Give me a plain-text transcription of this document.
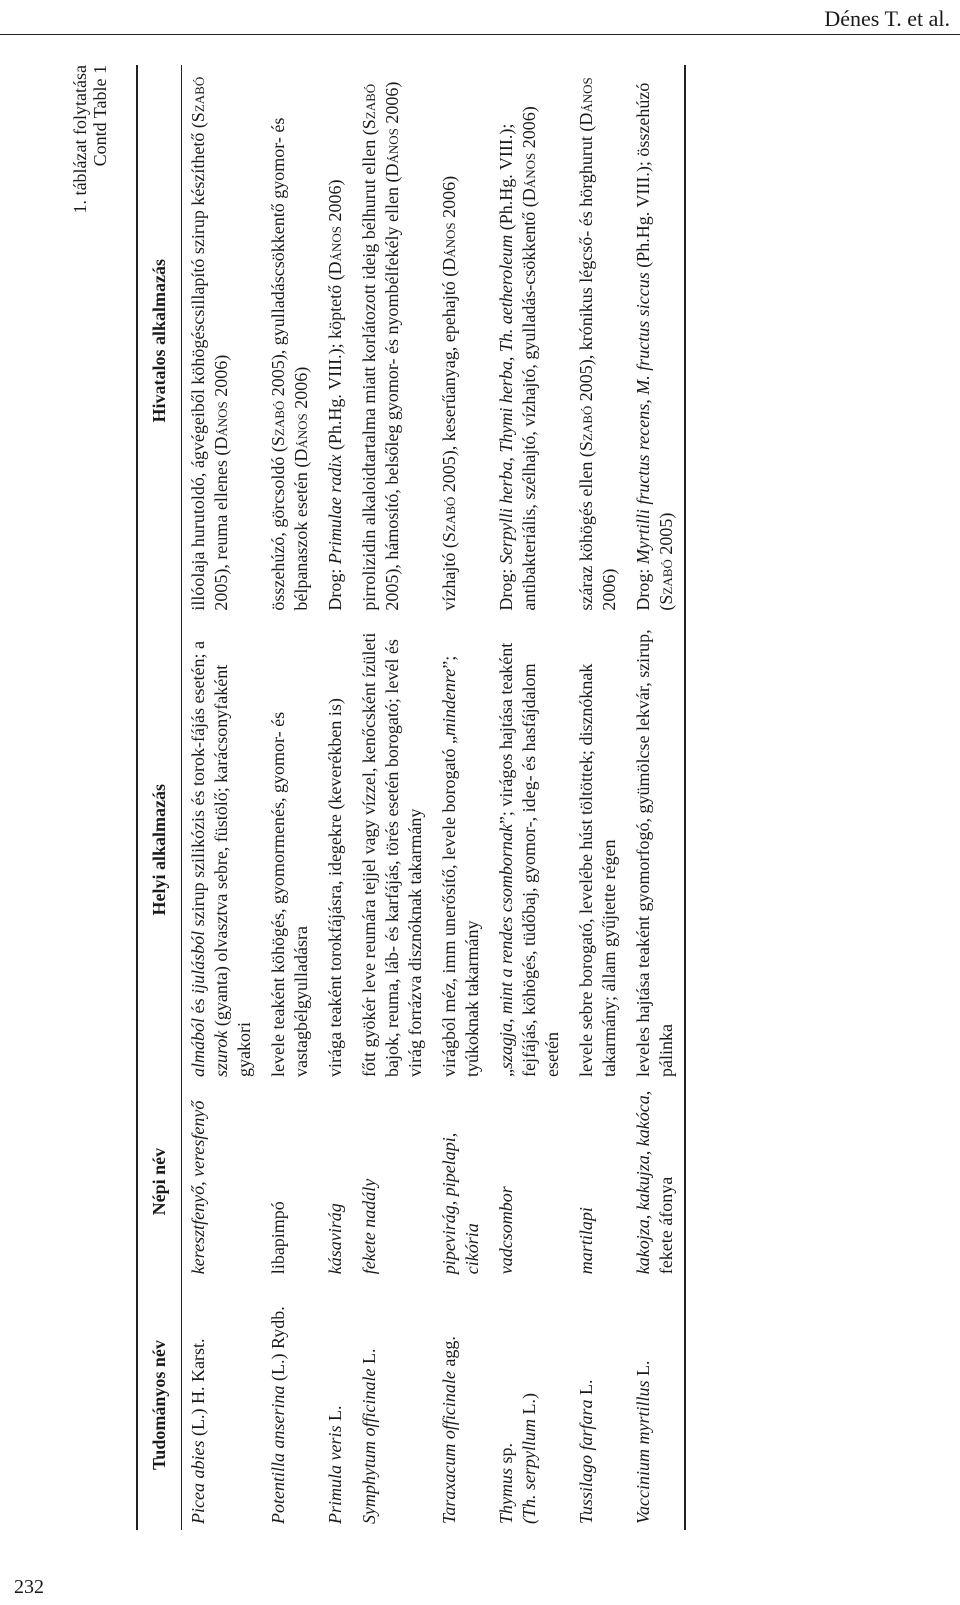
Dénes T. et al.
232
1. táblázat folytatása Contd Table 1
Tudományos név	Népi név	Helyi alkalmazás	Hivatalos alkalmazás
Picea abies (L.) H. Karst.	keresztfenyő, veresfenyő	almából és ijulásból szirup szilikózis és torok-fájás esetén; a szurok (gyanta) olvasztva sebre, füstölő; karácsonyfaként gyakori	illóolaja hurutoldó, ágvégeiből köhögéscsillapító szirup készíthető (Szabó 2005), reuma ellenes (Dános 2006)
Potentilla anserina (L.) Rydb.	libapimpó	levele teaként köhögés, gyomormenés, gyomor- és vastagbélgyulladásra	összehúzó, görcsoldó (Szabó 2005), gyulladáscsökkentő gyomor- és bélpanaszok esetén (Dános 2006)
Primula veris L.	kásavirág	virága teaként torokfájásra, idegekre (keverékben is)	Drog: Primulae radix (Ph.Hg. VIII.); köptető (Dános 2006)
Symphytum officinale L.	fekete nadály	főtt gyökér leve reumára tejjel vagy vízzel, kenőcsként ízületi bajok, reuma, láb- és karfájás, törés esetén borogató; levél és virág forrázva disznóknak takarmány	pirrolizidin alkaloidtartalma miatt korlátozott ideig bélhurut ellen (Szabó 2005), hámosító, belsőleg gyomor- és nyombélfekély ellen (Dános 2006)
Taraxacum officinale agg.	pipevirág, pipelapi, cikória	virágból méz, imm unerősítő, levele borogató „mindenre”; tyúkoknak takarmány	vízhajtó (Szabó 2005), keserűanyag, epehajtó (Dános 2006)
Thymus sp. (Th. serpyllum L.)	vadcsombor	„szagja, mint a rendes csombornak”; virágos hajtása teaként fejfájás, köhögés, tüdőbaj, gyomor-, ideg- és hasfájdalom esetén	Drog: Serpylli herba, Thymi herba, Th. aetheroleum (Ph.Hg. VIII.); antibakteriális, szélhajtó, vízhajtó, gyulladás-csökkentő (Dános 2006)
Tussilago farfara L.	martilapi	levele sebre borogató, levelébe húst töltöttek; disznóknak takarmány; állam gyűjtette régen	száraz köhögés ellen (Szabó 2005), krónikus légcső- és hörghurut (Dános 2006)
Vaccinium myrtillus L.	kakojza, kakujza, kakóca, fekete áfonya	leveles hajtása teaként gyomorfogó, gyümölcse lekvár, szirup, pálinka	Drog: Myrtilli fructus recens, M. fructus siccus (Ph.Hg. VIII.); összehúzó (Szabó 2005)
